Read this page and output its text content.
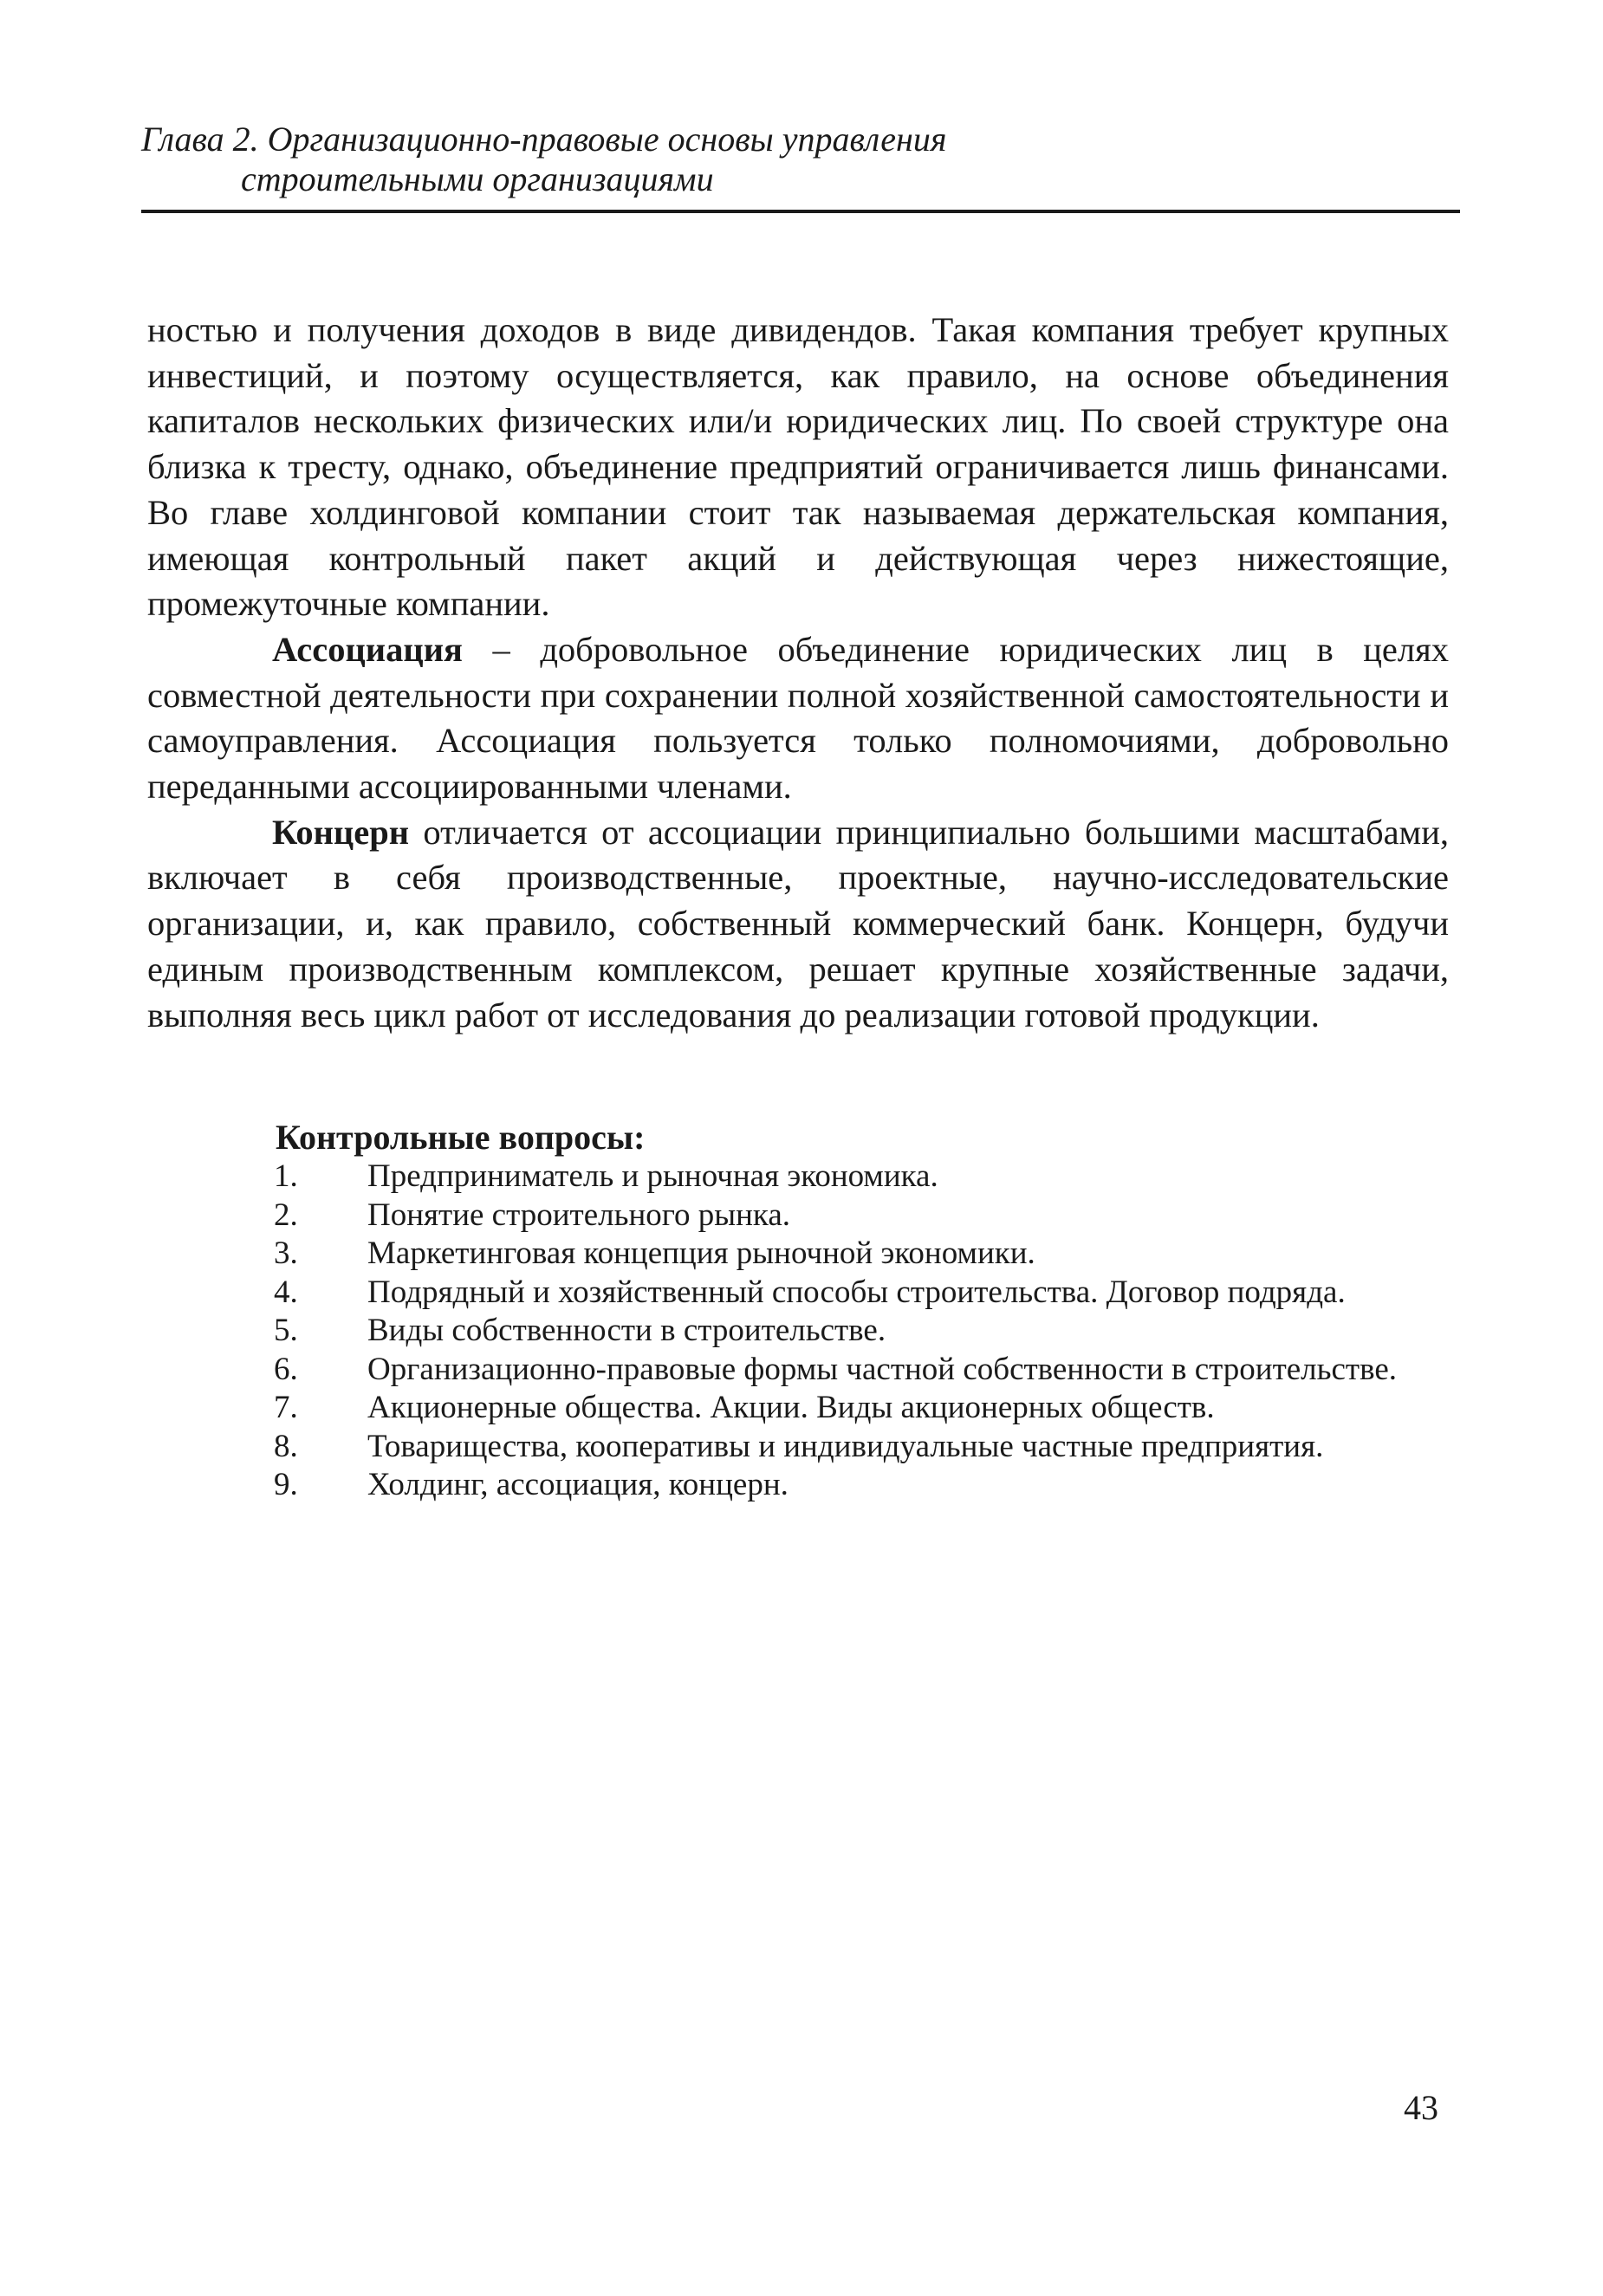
Глава 2. Организационно-правовые основы управления
строительными организациями

ностью и получения доходов в виде дивидендов. Такая компания требует крупных инвестиций, и поэтому осуществляется, как правило, на основе объединения капиталов нескольких физических или/и юридических лиц. По своей структуре она близка к тресту, однако, объединение предприятий ограничивается лишь финансами. Во главе холдинговой компании стоит так называемая держательская компания, имеющая контрольный пакет акций и действующая через нижестоящие, промежуточные компании.

Ассоциация – добровольное объединение юридических лиц в целях совместной деятельности при сохранении полной хозяйственной самостоятельности и самоуправления. Ассоциация пользуется только полномочиями, добровольно переданными ассоциированными членами.

Концерн отличается от ассоциации принципиально большими масштабами, включает в себя производственные, проектные, научно-исследовательские организации, и, как правило, собственный коммерческий банк. Концерн, будучи единым производственным комплексом, решает крупные хозяйственные задачи, выполняя весь цикл работ от исследования до реализации готовой продукции.

Контрольные вопросы:
1.	Предприниматель и рыночная экономика.
2.	Понятие строительного рынка.
3.	Маркетинговая концепция рыночной экономики.
4.	Подрядный и хозяйственный способы строительства. Договор подряда.
5.	Виды собственности в строительстве.
6.	Организационно-правовые формы частной собственности в строительстве.
7.	Акционерные общества. Акции. Виды акционерных обществ.
8.	Товарищества, кооперативы и индивидуальные частные предприятия.
9.	Холдинг, ассоциация, концерн.
43
